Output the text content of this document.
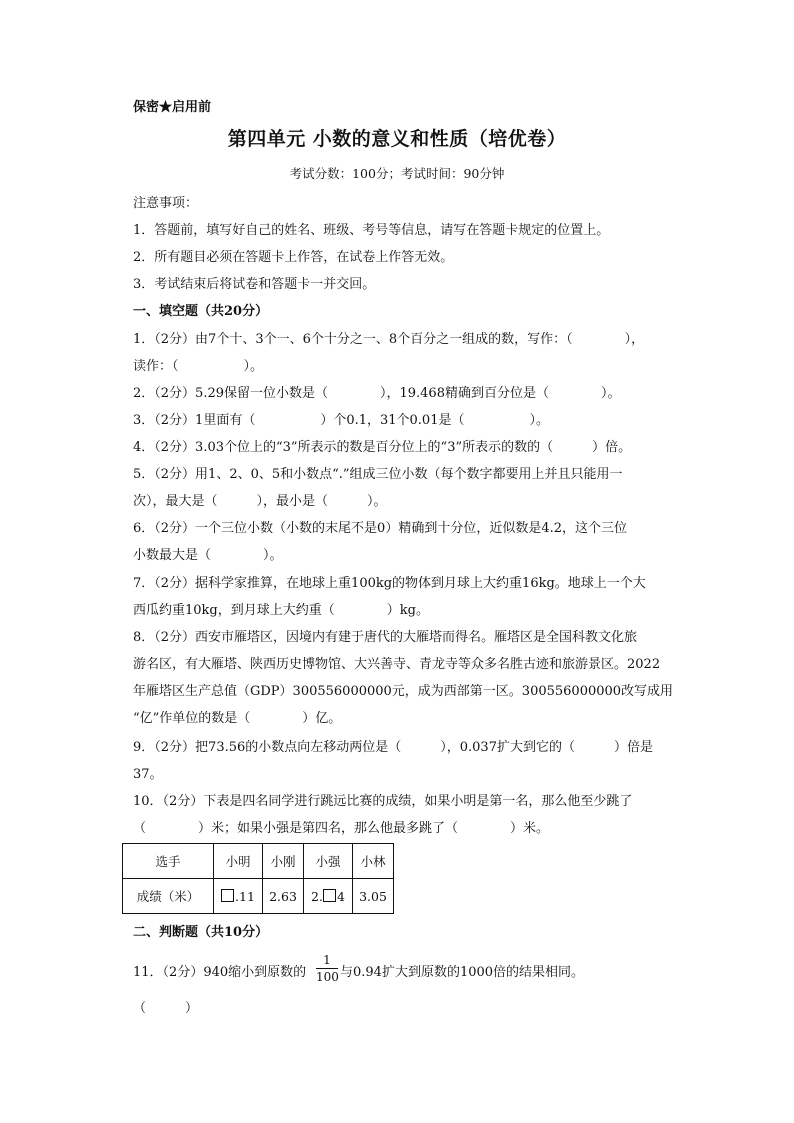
保密★启用前
第四单元 小数的意义和性质（培优卷）
考试分数：100分；考试时间：90分钟
注意事项：
1．答题前，填写好自己的姓名、班级、考号等信息，请写在答题卡规定的位置上。
2．所有题目必须在答题卡上作答，在试卷上作答无效。
3．考试结束后将试卷和答题卡一并交回。
一、填空题（共20分）
1．（2分）由7个十、3个一、6个十分之一、8个百分之一组成的数，写作：（　　　　），
读作：（　　　　　）。
2．（2分）5.29保留一位小数是（　　　　），19.468精确到百分位是（　　　　）。
3．（2分）1里面有（　　　　　）个0.1，31个0.01是（　　　　　）。
4．（2分）3.03个位上的“3”所表示的数是百分位上的“3”所表示的数的（　　　）倍。
5．（2分）用1、2、0、5和小数点“.”组成三位小数（每个数字都要用上并且只能用一
次），最大是（　　　），最小是（　　　）。
6．（2分）一个三位小数（小数的末尾不是0）精确到十分位，近似数是4.2，这个三位
小数最大是（　　　　）。
7．（2分）据科学家推算，在地球上重100kg的物体到月球上大约重16kg。地球上一个大
西瓜约重10kg，到月球上大约重（　　　　）kg。
8．（2分）西安市雁塔区，因境内有建于唐代的大雁塔而得名。雁塔区是全国科教文化旅
游名区，有大雁塔、陕西历史博物馆、大兴善寺、青龙寺等众多名胜古迹和旅游景区。2022
年雁塔区生产总值（GDP）300556000000元，成为西部第一区。300556000000改写成用
“亿”作单位的数是（　　　　）亿。
9．（2分）把73.56的小数点向左移动两位是（　　　），0.037扩大到它的（　　　）倍是
37。
10．（2分）下表是四名同学进行跳远比赛的成绩，如果小明是第一名，那么他至少跳了
（　　　　）米；如果小强是第四名，那么他最多跳了（　　　　）米。
选手	小明	小刚	小强	小林
成绩（米）	.11	2.63	2. 4	3.05
二、判断题（共10分）
11．（2分）940缩小到原数的
1
100 与0.94扩大到原数的1000倍的结果相同。
（　　　）
